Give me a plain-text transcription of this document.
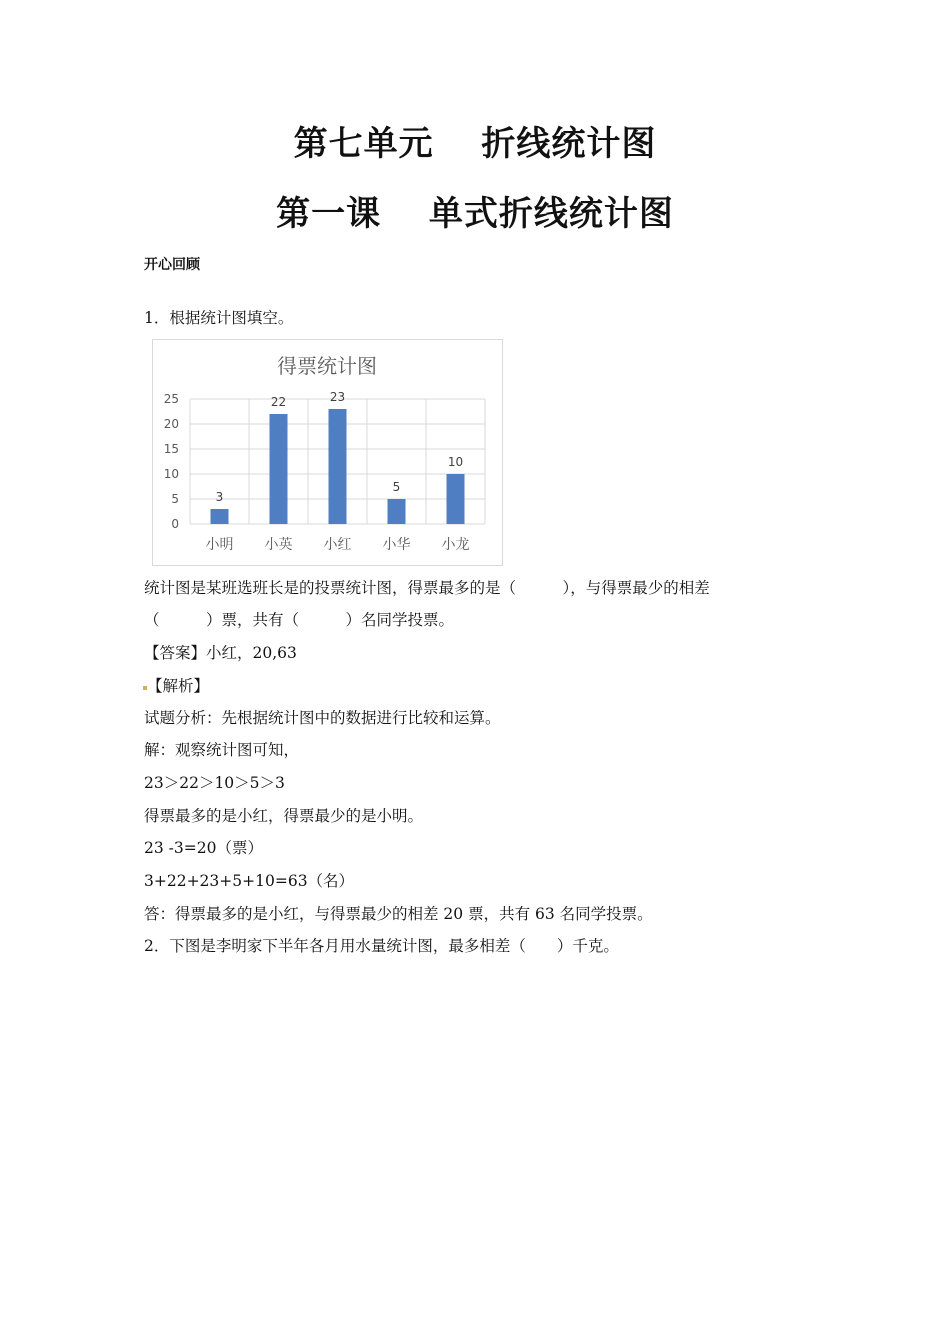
第七单元　 折线统计图
第一课　 单式折线统计图
开心回顾
1．根据统计图填空。
得票统计图
0
5
10
15
20
25
3
小明
22
小英
23
小红
5
小华
10
小龙
统计图是某班选班长是的投票统计图，得票最多的是（　　　），与得票最少的相差
（　　　）票，共有（　　　）名同学投票。
【答案】小红，20,63
【解析】
试题分析：先根据统计图中的数据进行比较和运算。
解：观察统计图可知，
23＞22＞10＞5＞3
得票最多的是小红，得票最少的是小明。
23 -3=20（票）
3+22+23+5+10=63（名）
答：得票最多的是小红，与得票最少的相差 20 票，共有 63 名同学投票。
2．下图是李明家下半年各月用水量统计图，最多相差（　　）千克。
